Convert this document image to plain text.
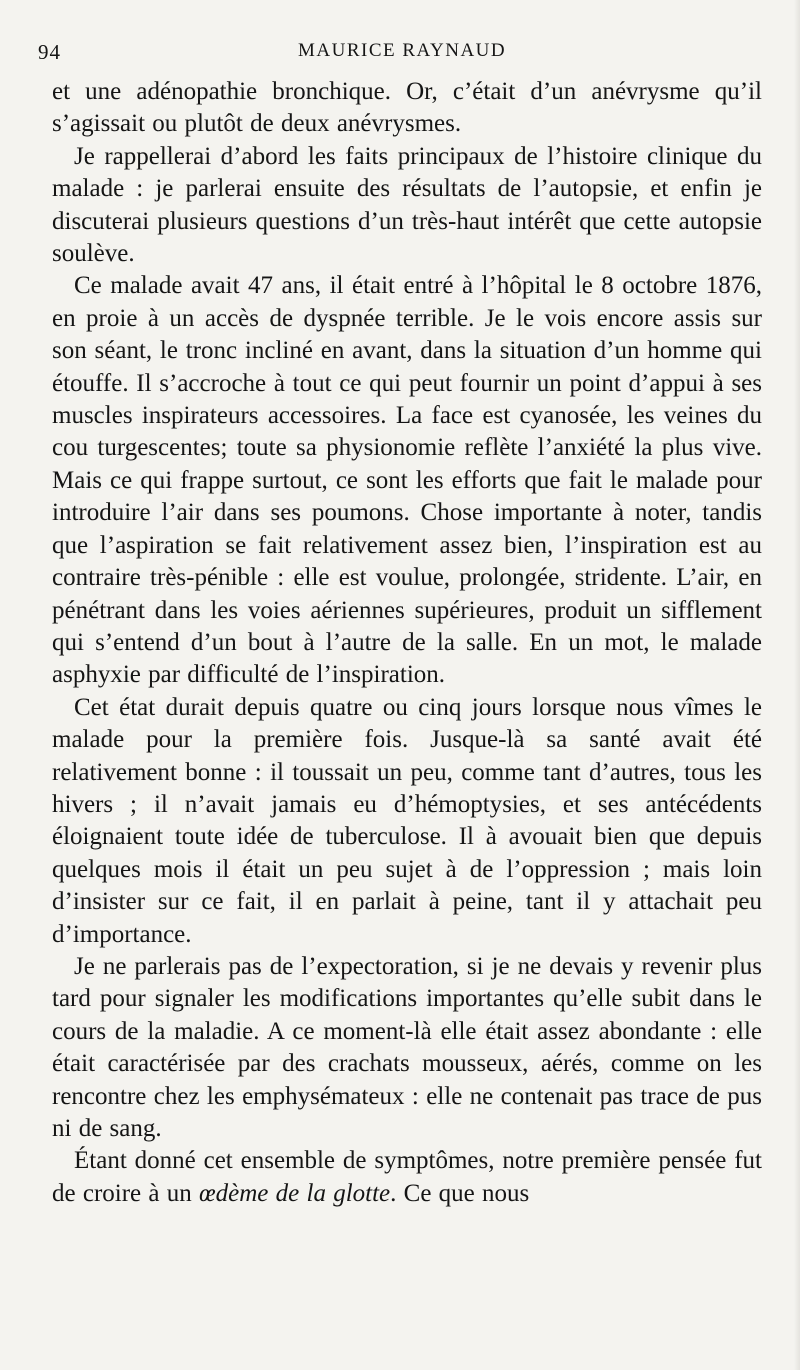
94	MAURICE RAYNAUD

et une adénopathie bronchique. Or, c’était d’un anévrysme qu’il s’agissait ou plutôt de deux anévrysmes.

Je rappellerai d’abord les faits principaux de l’histoire clinique du malade : je parlerai ensuite des résultats de l’autopsie, et enfin je discuterai plusieurs questions d’un très-haut intérêt que cette autopsie soulève.

Ce malade avait 47 ans, il était entré à l’hôpital le 8 octobre 1876, en proie à un accès de dyspnée terrible. Je le vois encore assis sur son séant, le tronc incliné en avant, dans la situation d’un homme qui étouffe. Il s’accroche à tout ce qui peut fournir un point d’appui à ses muscles inspirateurs accessoires. La face est cyanosée, les veines du cou turgescentes; toute sa physionomie reflète l’anxiété la plus vive. Mais ce qui frappe surtout, ce sont les efforts que fait le malade pour introduire l’air dans ses poumons. Chose importante à noter, tandis que l’aspiration se fait relativement assez bien, l’inspiration est au contraire très-pénible : elle est voulue, prolongée, stridente. L’air, en pénétrant dans les voies aériennes supérieures, produit un sifflement qui s’entend d’un bout à l’autre de la salle. En un mot, le malade asphyxie par difficulté de l’inspiration.

Cet état durait depuis quatre ou cinq jours lorsque nous vîmes le malade pour la première fois. Jusque-là sa santé avait été relativement bonne : il toussait un peu, comme tant d’autres, tous les hivers ; il n’avait jamais eu d’hémoptysies, et ses antécédents éloignaient toute idée de tuberculose. Il à avouait bien que depuis quelques mois il était un peu sujet à de l’oppression ; mais loin d’insister sur ce fait, il en parlait à peine, tant il y attachait peu d’importance.

Je ne parlerais pas de l’expectoration, si je ne devais y revenir plus tard pour signaler les modifications importantes qu’elle subit dans le cours de la maladie. A ce moment-là elle était assez abondante : elle était caractérisée par des crachats mousseux, aérés, comme on les rencontre chez les emphysémateux : elle ne contenait pas trace de pus ni de sang.

Étant donné cet ensemble de symptômes, notre première pensée fut de croire à un œdème de la glotte. Ce que nous
